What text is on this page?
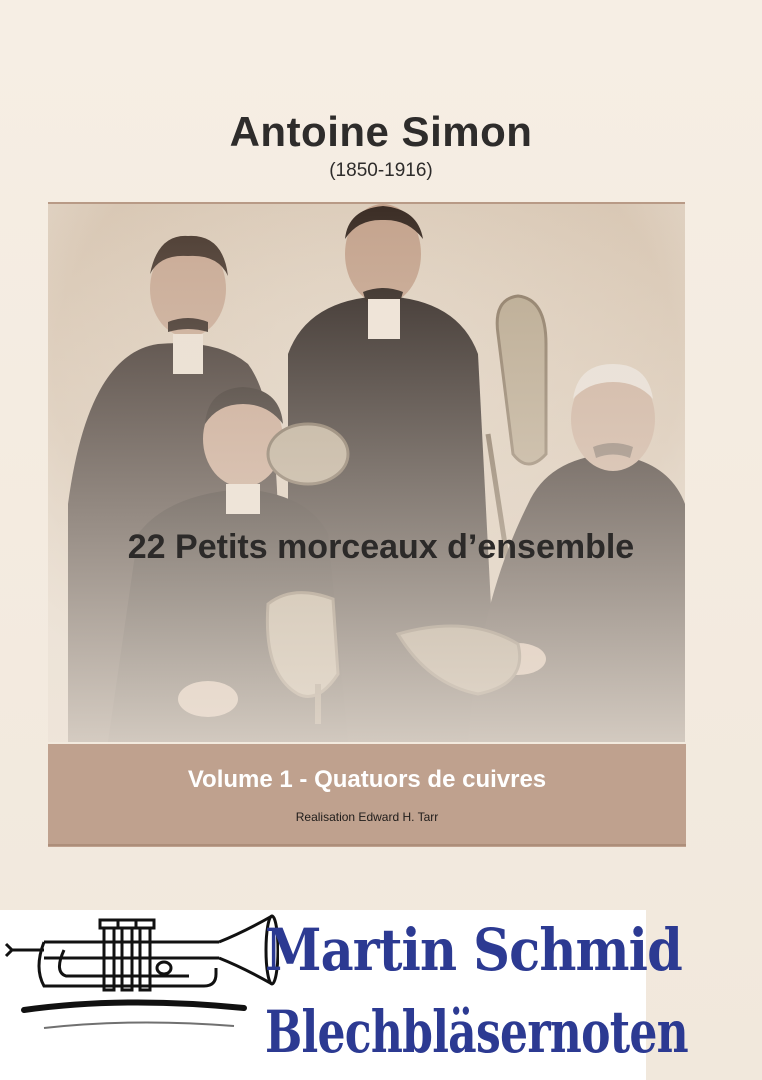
Antoine Simon
(1850-1916)
22 Petits morceaux d’ensemble
Volume 1 - Quatuors de cuivres
Realisation Edward H. Tarr
Martin Schmid
Blechbläsernoten
